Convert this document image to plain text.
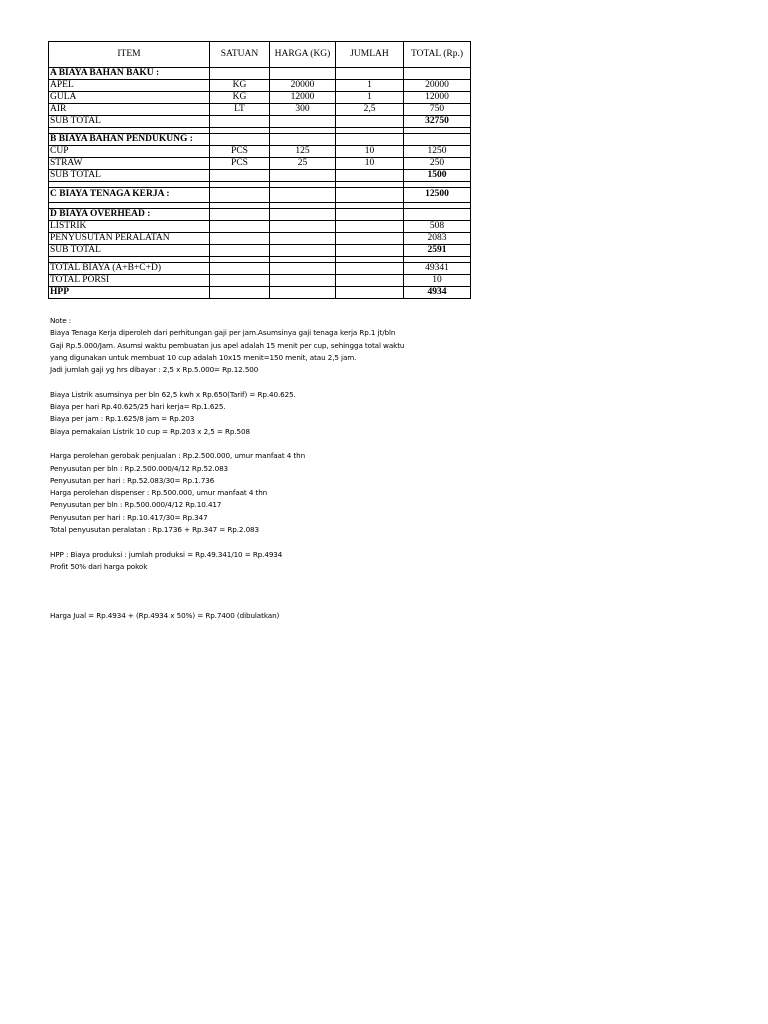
ITEM	SATUAN	HARGA (KG)	JUMLAH	TOTAL (Rp.)
A BIAYA BAHAN BAKU :				
APEL	KG	20000	1	20000
GULA	KG	12000	1	12000
AIR	LT	300	2,5	750
SUB TOTAL				32750

B BIAYA BAHAN PENDUKUNG :				
CUP	PCS	125	10	1250
STRAW	PCS	25	10	250
SUB TOTAL				1500

C BIAYA TENAGA KERJA :				12500

D BIAYA OVERHEAD :				
LISTRIK				508
PENYUSUTAN PERALATAN				2083
SUB TOTAL				2591

TOTAL BIAYA (A+B+C+D)				49341
TOTAL PORSI				10
HPP				4934
Note :
Biaya Tenaga Kerja diperoleh dari perhitungan gaji per jam.Asumsinya gaji tenaga kerja Rp.1 jt/bln
Gaji Rp.5.000/Jam. Asumsi waktu pembuatan jus apel adalah 15 menit per cup, sehingga total waktu
yang digunakan untuk membuat 10 cup adalah 10x15 menit=150 menit, atau 2,5 jam.
Jadi jumlah gaji yg hrs dibayar : 2,5 x Rp.5.000= Rp.12.500
Biaya Listrik asumsinya per bln 62,5 kwh x Rp.650(Tarif) = Rp.40.625.
Biaya per hari Rp.40.625/25 hari kerja= Rp.1.625.
Biaya per jam : Rp.1.625/8 jam = Rp.203
Biaya pemakaian Listrik 10 cup = Rp.203 x 2,5 = Rp.508
Harga perolehan gerobak penjualan : Rp.2.500.000, umur manfaat 4 thn
Penyusutan per bln : Rp.2.500.000/4/12 Rp.52.083
Penyusutan per hari : Rp.52.083/30= Rp.1.736
Harga perolehan dispenser : Rp.500.000, umur manfaat 4 thn
Penyusutan per bln : Rp.500.000/4/12 Rp.10.417
Penyusutan per hari : Rp.10.417/30= Rp.347
Total penyusutan peralatan : Rp.1736 + Rp.347 = Rp.2.083
HPP : Biaya produksi : jumlah produksi = Rp.49.341/10 = Rp.4934
Profit 50% dari harga pokok
Harga Jual = Rp.4934 + (Rp.4934 x 50%) = Rp.7400 (dibulatkan)
